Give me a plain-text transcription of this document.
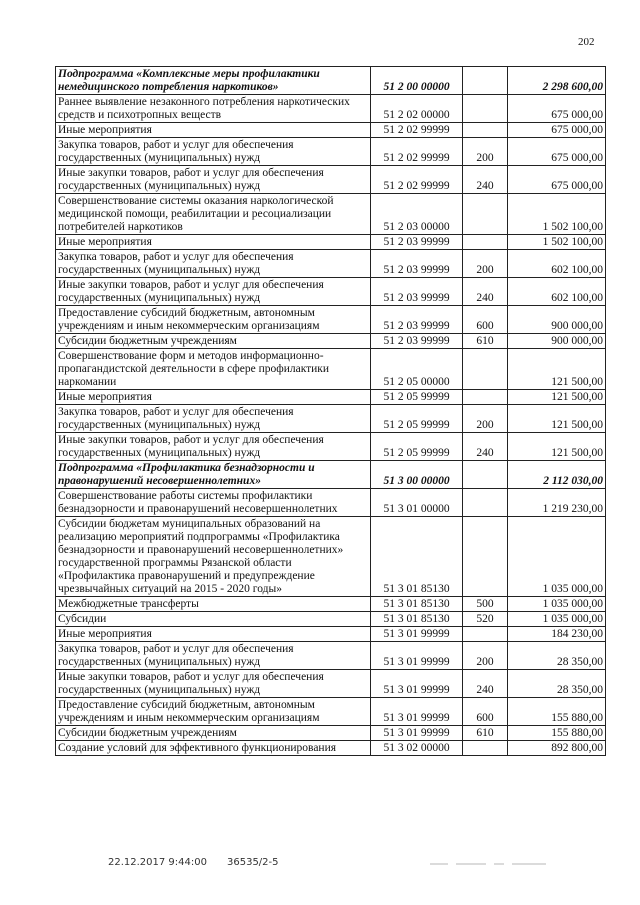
202
Подпрограмма «Комплексные меры профилактики немедицинского потребления наркотиков»	51 2 00 00000		2 298 600,00
Раннее выявление незаконного потребления наркотических средств и психотропных веществ	51 2 02 00000		675 000,00
Иные мероприятия	51 2 02 99999		675 000,00
Закупка товаров, работ и услуг для обеспечения государственных (муниципальных) нужд	51 2 02 99999	200	675 000,00
Иные закупки товаров, работ и услуг для обеспечения государственных (муниципальных) нужд	51 2 02 99999	240	675 000,00
Совершенствование системы оказания наркологической медицинской помощи, реабилитации и ресоциализации потребителей наркотиков	51 2 03 00000		1 502 100,00
Иные мероприятия	51 2 03 99999		1 502 100,00
Закупка товаров, работ и услуг для обеспечения государственных (муниципальных) нужд	51 2 03 99999	200	602 100,00
Иные закупки товаров, работ и услуг для обеспечения государственных (муниципальных) нужд	51 2 03 99999	240	602 100,00
Предоставление субсидий бюджетным, автономным учреждениям и иным некоммерческим организациям	51 2 03 99999	600	900 000,00
Субсидии бюджетным учреждениям	51 2 03 99999	610	900 000,00
Совершенствование форм и методов информационно-пропагандистской деятельности в сфере профилактики наркомании	51 2 05 00000		121 500,00
Иные мероприятия	51 2 05 99999		121 500,00
Закупка товаров, работ и услуг для обеспечения государственных (муниципальных) нужд	51 2 05 99999	200	121 500,00
Иные закупки товаров, работ и услуг для обеспечения государственных (муниципальных) нужд	51 2 05 99999	240	121 500,00
Подпрограмма «Профилактика безнадзорности и правонарушений несовершеннолетних»	51 3 00 00000		2 112 030,00
Совершенствование работы системы профилактики безнадзорности и правонарушений несовершеннолетних	51 3 01 00000		1 219 230,00
Субсидии бюджетам муниципальных образований на реализацию мероприятий подпрограммы «Профилактика безнадзорности и правонарушений несовершеннолетних» государственной программы Рязанской области «Профилактика правонарушений и предупреждение чрезвычайных ситуаций на 2015 - 2020 годы»	51 3 01 85130		1 035 000,00
Межбюджетные трансферты	51 3 01 85130	500	1 035 000,00
Субсидии	51 3 01 85130	520	1 035 000,00
Иные мероприятия	51 3 01 99999		184 230,00
Закупка товаров, работ и услуг для обеспечения государственных (муниципальных) нужд	51 3 01 99999	200	28 350,00
Иные закупки товаров, работ и услуг для обеспечения государственных (муниципальных) нужд	51 3 01 99999	240	28 350,00
Предоставление субсидий бюджетным, автономным учреждениям и иным некоммерческим организациям	51 3 01 99999	600	155 880,00
Субсидии бюджетным учреждениям	51 3 01 99999	610	155 880,00
Создание условий для эффективного функционирования	51 3 02 00000		892 800,00
22.12.2017 9:44:00 36535/2-5
